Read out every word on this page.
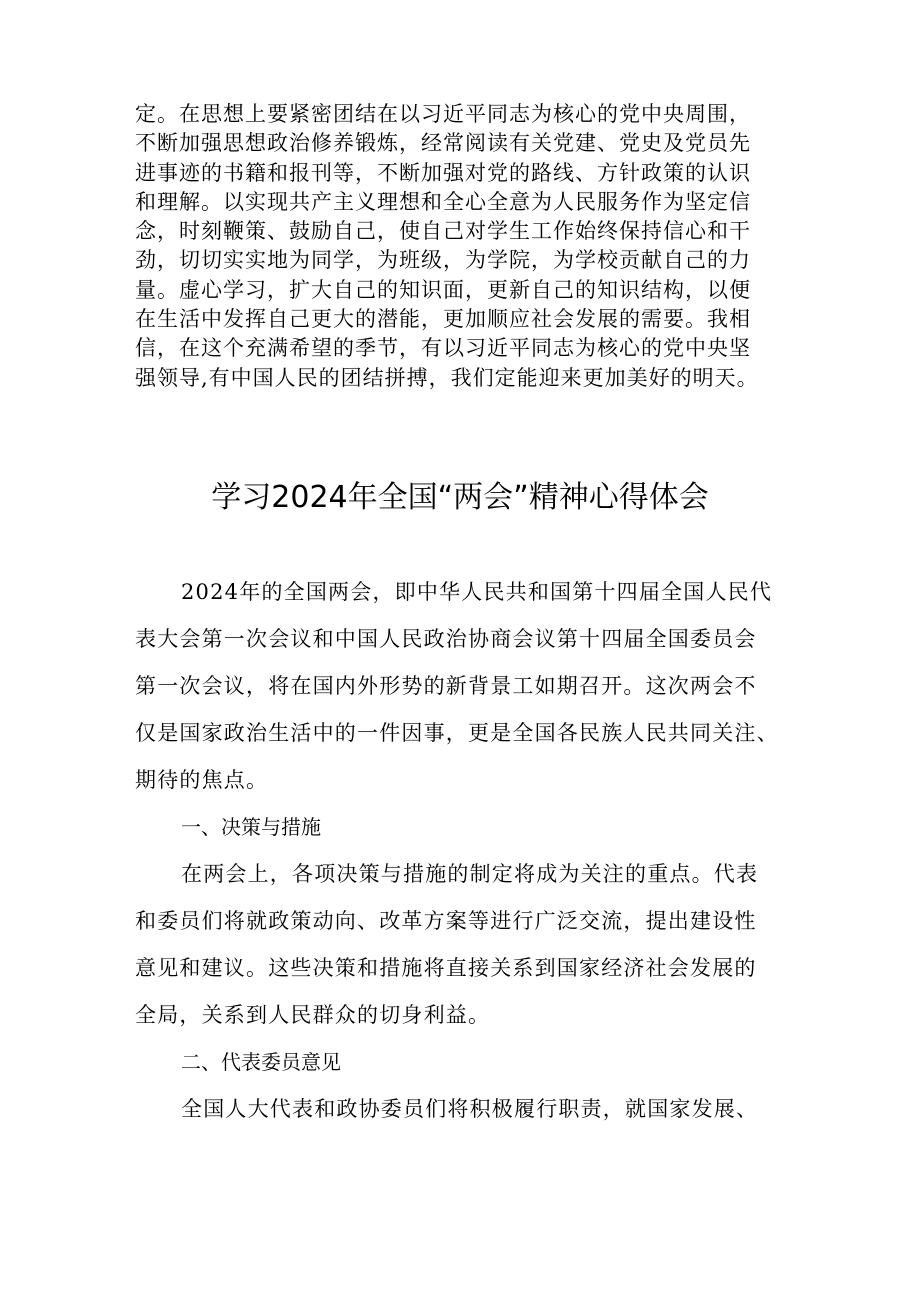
定。在思想上要紧密团结在以习近平同志为核心的党中央周围，
不断加强思想政治修养锻炼，经常阅读有关党建、党史及党员先
进事迹的书籍和报刊等，不断加强对党的路线、方针政策的认识
和理解。以实现共产主义理想和全心全意为人民服务作为坚定信
念，时刻鞭策、鼓励自己，使自己对学生工作始终保持信心和干
劲，切切实实地为同学，为班级，为学院，为学校贡献自己的力
量。虚心学习，扩大自己的知识面，更新自己的知识结构，以便
在生活中发挥自己更大的潜能，更加顺应社会发展的需要。我相
信，在这个充满希望的季节，有以习近平同志为核心的党中央坚
强领导,有中国人民的团结拼搏，我们定能迎来更加美好的明天。
学习2024年全国“两会”精神心得体会
2024年的全国两会，即中华人民共和国第十四届全国人民代
表大会第一次会议和中国人民政治协商会议第十四届全国委员会
第一次会议，将在国内外形势的新背景工如期召开。这次两会不
仅是国家政治生活中的一件因事，更是全国各民族人民共同关注、
期待的焦点。
一、决策与措施
在两会上，各项决策与措施的制定将成为关注的重点。代表
和委员们将就政策动向、改革方案等进行广泛交流，提出建设性
意见和建议。这些决策和措施将直接关系到国家经济社会发展的
全局，关系到人民群众的切身利益。
二、代表委员意见
全国人大代表和政协委员们将积极履行职责，就国家发展、
